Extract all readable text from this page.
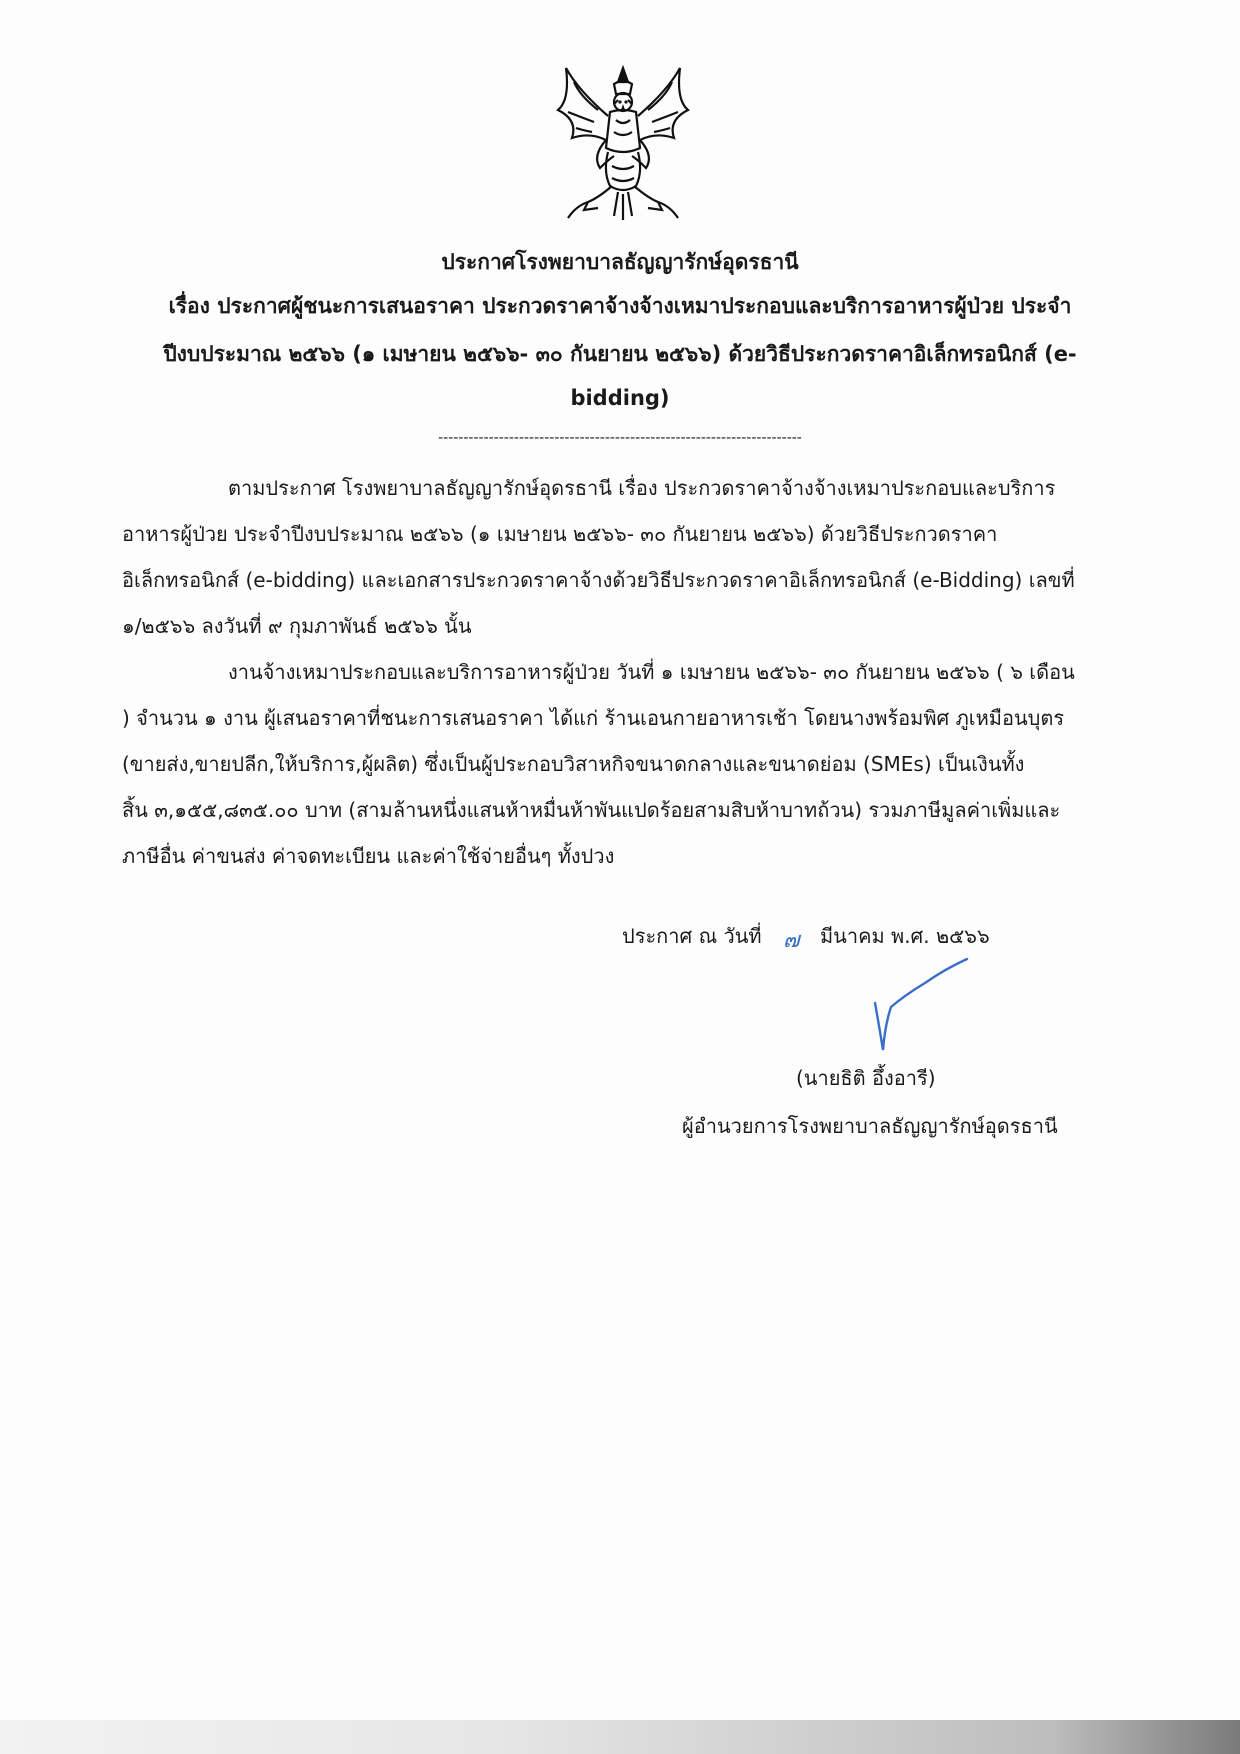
ประกาศโรงพยาบาลธัญญารักษ์อุดรธานี
เรื่อง ประกาศผู้ชนะการเสนอราคา ประกวดราคาจ้างจ้างเหมาประกอบและบริการอาหารผู้ป่วย ประจำ
ปีงบประมาณ ๒๕๖๖ (๑ เมษายน ๒๕๖๖- ๓๐ กันยายน ๒๕๖๖) ด้วยวิธีประกวดราคาอิเล็กทรอนิกส์ (e-
bidding)
------------------------------------------------------------------------
ตามประกาศ โรงพยาบาลธัญญารักษ์อุดรธานี เรื่อง ประกวดราคาจ้างจ้างเหมาประกอบและบริการ
อาหารผู้ป่วย ประจำปีงบประมาณ ๒๕๖๖ (๑ เมษายน ๒๕๖๖- ๓๐ กันยายน ๒๕๖๖) ด้วยวิธีประกวดราคา
อิเล็กทรอนิกส์ (e-bidding) และเอกสารประกวดราคาจ้างด้วยวิธีประกวดราคาอิเล็กทรอนิกส์ (e-Bidding) เลขที่
๑/๒๕๖๖ ลงวันที่ ๙ กุมภาพันธ์ ๒๕๖๖ นั้น
งานจ้างเหมาประกอบและบริการอาหารผู้ป่วย วันที่ ๑ เมษายน ๒๕๖๖- ๓๐ กันยายน ๒๕๖๖ ( ๖ เดือน
) จำนวน ๑ งาน ผู้เสนอราคาที่ชนะการเสนอราคา ได้แก่ ร้านเอนกายอาหารเช้า โดยนางพร้อมพิศ ภูเหมือนบุตร
(ขายส่ง,ขายปลีก,ให้บริการ,ผู้ผลิต) ซึ่งเป็นผู้ประกอบวิสาหกิจขนาดกลางและขนาดย่อม (SMEs) เป็นเงินทั้ง
สิ้น ๓,๑๕๕,๘๓๕.๐๐ บาท (สามล้านหนึ่งแสนห้าหมื่นห้าพันแปดร้อยสามสิบห้าบาทถ้วน) รวมภาษีมูลค่าเพิ่มและ
ภาษีอื่น ค่าขนส่ง ค่าจดทะเบียน และค่าใช้จ่ายอื่นๆ ทั้งปวง
ประกาศ ณ วันที่ ๗ มีนาคม พ.ศ. ๒๕๖๖
(นายธิติ อึ้งอารี)
ผู้อำนวยการโรงพยาบาลธัญญารักษ์อุดรธานี
